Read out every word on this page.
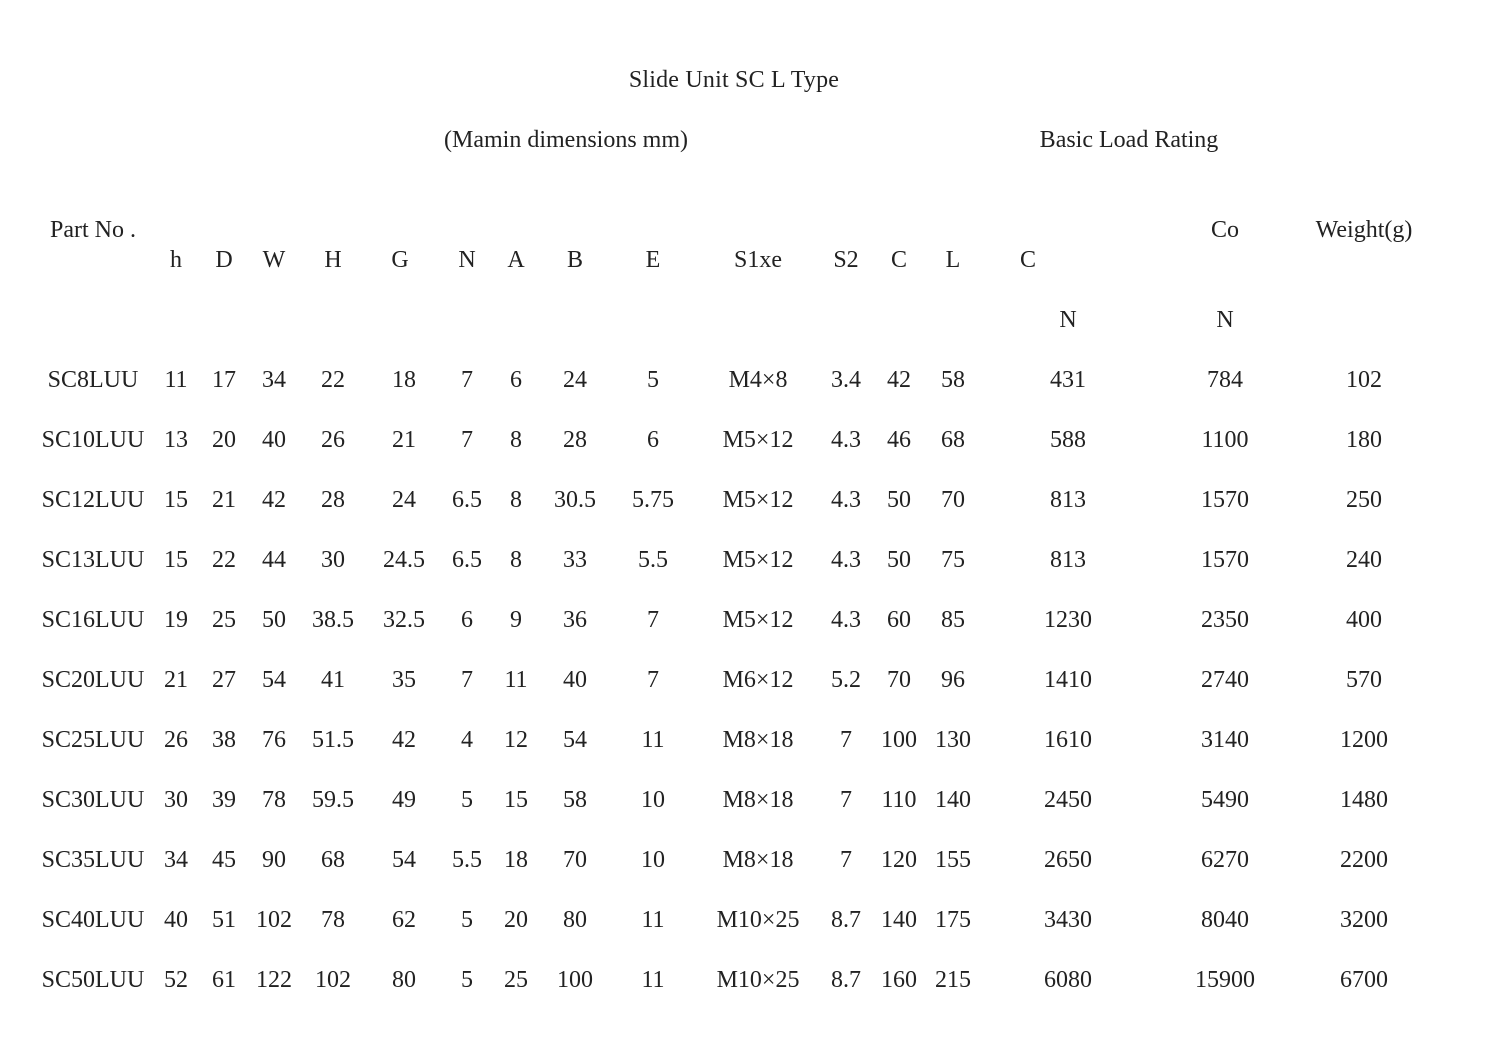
Slide Unit SC L Type
(Mamin dimensions mm)	Basic Load Rating
Part No .	Co	Weight(g)
h D W H G N A B	E	S1xe S2 C L C
N	N
SC8LUU 11 17 34 22 18 7 6 24	5	M4×8 3.4 42 58	431	784	102
SC10LUU 13 20 40 26 21 7 8 28	6	M5×12 4.3 46 68	588	1100	180
SC12LUU 15 21 42 28 24 6.5 8 30.5 5.75 M5×12 4.3 50 70	813	1570	250
SC13LUU 15 22 44 30 24.5 6.5 8 33 5.5 M5×12 4.3 50 75	813	1570	240
SC16LUU 19 25 50 38.5 32.5 6 9 36	7	M5×12 4.3 60 85	1230	2350	400
SC20LUU 21 27 54 41 35 7 11 40	7	M6×12 5.2 70 96	1410	2740	570
SC25LUU 26 38 76 51.5 42 4 12 54 11 M8×18 7 100 130	1610	3140	1200
SC30LUU 30 39 78 59.5 49 5 15 58 10 M8×18 7 110 140	2450	5490	1480
SC35LUU 34 45 90 68 54 5.5 18 70 10 M8×18 7 120 155	2650	6270	2200
SC40LUU 40 51 102 78 62 5 20 80 11 M10×25 8.7 140 175	3430	8040	3200
SC50LUU 52 61 122 102 80 5 25 100 11 M10×25 8.7 160 215	6080	15900	6700
